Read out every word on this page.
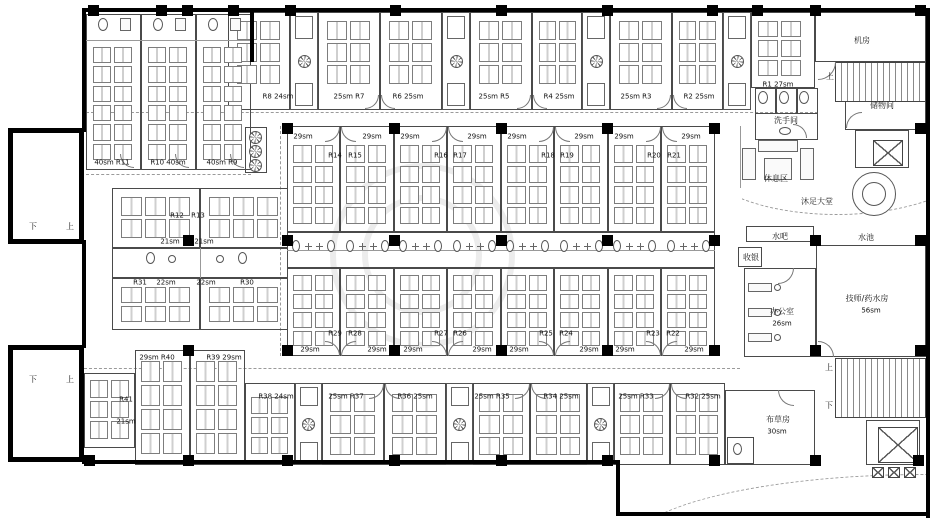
R8 24sm	25sm R7	R6 25sm	25sm R5	R4 25sm	25sm R3	R2 25sm
R1 27sm
40sm R11	R10 40sm	40sm R9
R12 R13
21sm 21sm
R31 22sm	22sm	R30
29sm	29sm	29sm	29sm	29sm	29sm	29sm	29sm
R14 R15	R16 R17	R18 R19	R20 R21
R29 R28	R27 R26	R25 R24	R23 R22
29sm	29sm 29sm	29sm	29sm	29sm 29sm	29sm
R41
21sm
29sm R40	R39 29sm
R38 24sm	25sm R37	R36 25sm	25sm R35	R34 25sm	25sm R33	R32 25sm
机房
储物间
洗手间
休息区
沐足大堂
水吧	水池
收银
办公室
26sm
技师/药水房
56sm
布草房
30sm
上
上
下
下	上
下	上
